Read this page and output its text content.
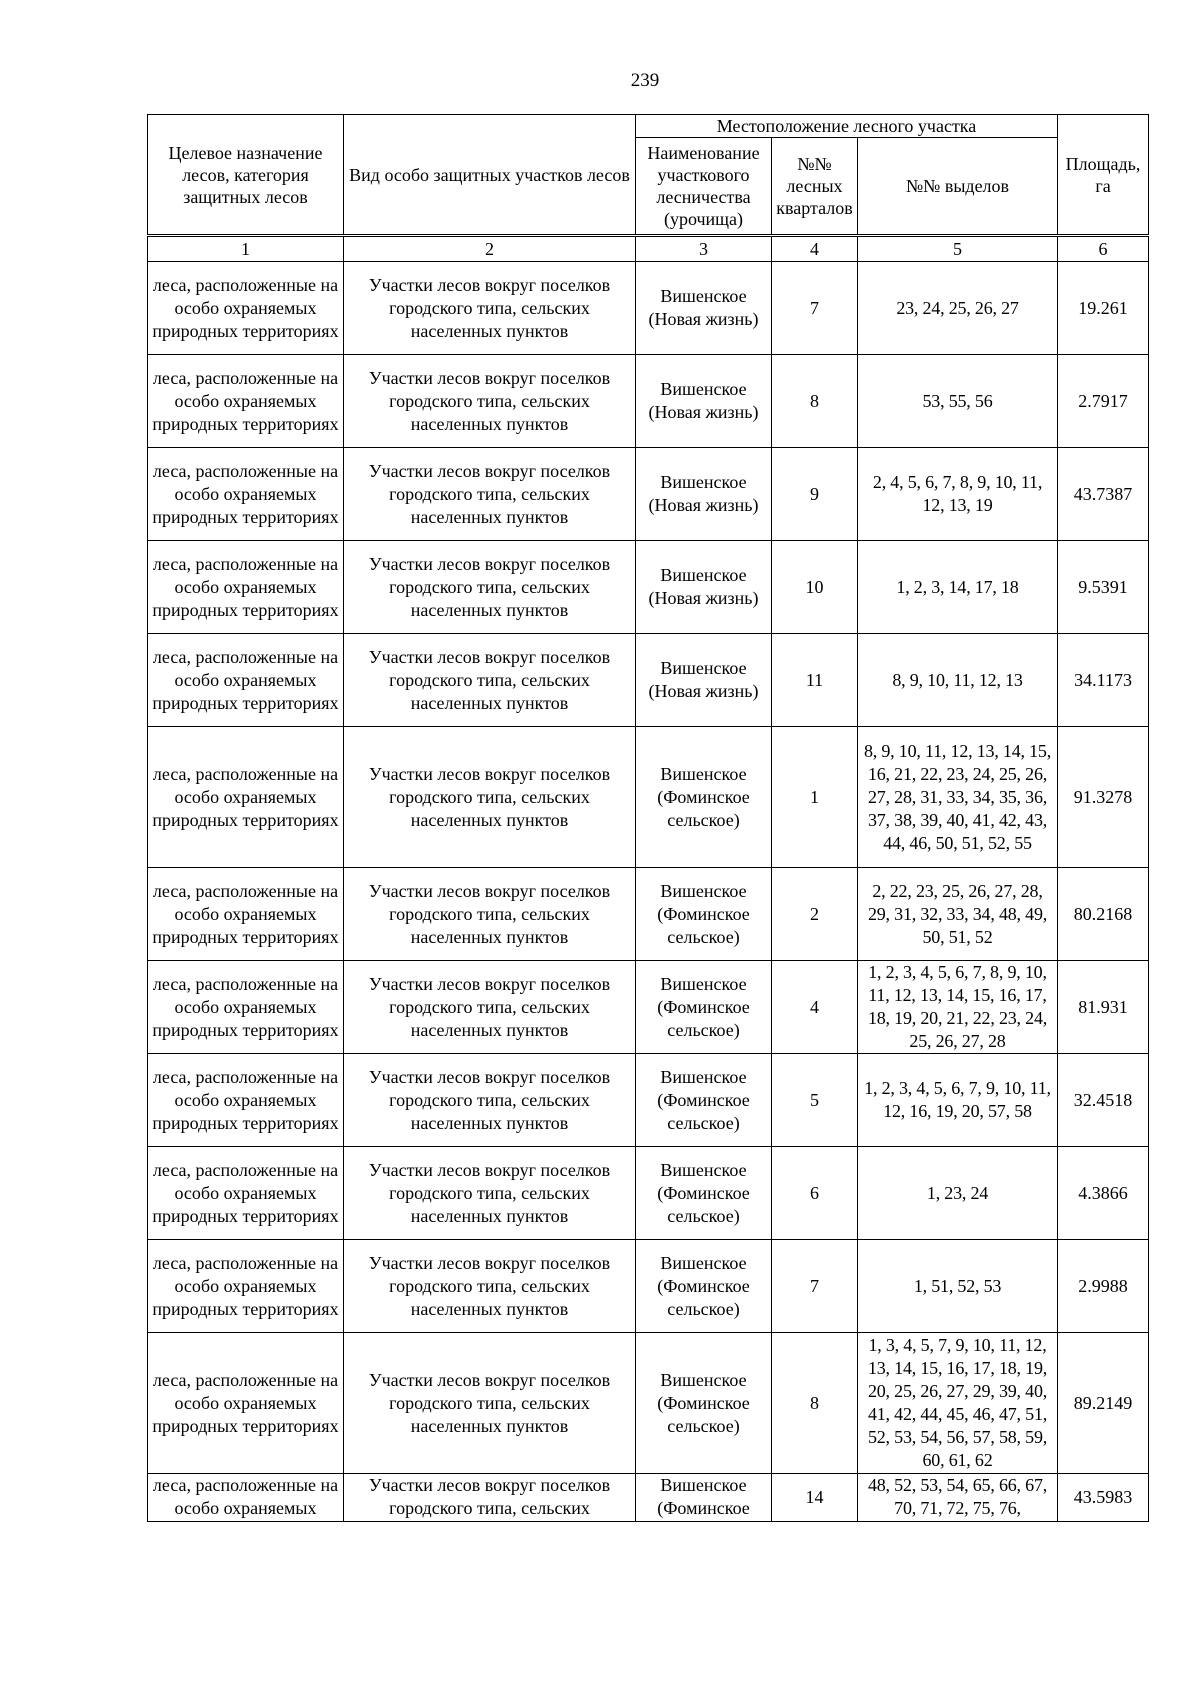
239
Целевое назначение лесов, категория защитных лесов	Вид особо защитных участков лесов	Местоположение лесного участка			Площадь, га
		Наименование участкового лесничества (урочища)	№№ лесных кварталов	№№ выделов	
1	2	3	4	5	6
леса, расположенные на особо охраняемых природных территориях	Участки лесов вокруг поселков городского типа, сельских населенных пунктов	Вишенское (Новая жизнь)	7	23, 24, 25, 26, 27	19.261
леса, расположенные на особо охраняемых природных территориях	Участки лесов вокруг поселков городского типа, сельских населенных пунктов	Вишенское (Новая жизнь)	8	53, 55, 56	2.7917
леса, расположенные на особо охраняемых природных территориях	Участки лесов вокруг поселков городского типа, сельских населенных пунктов	Вишенское (Новая жизнь)	9	2, 4, 5, 6, 7, 8, 9, 10, 11, 12, 13, 19	43.7387
леса, расположенные на особо охраняемых природных территориях	Участки лесов вокруг поселков городского типа, сельских населенных пунктов	Вишенское (Новая жизнь)	10	1, 2, 3, 14, 17, 18	9.5391
леса, расположенные на особо охраняемых природных территориях	Участки лесов вокруг поселков городского типа, сельских населенных пунктов	Вишенское (Новая жизнь)	11	8, 9, 10, 11, 12, 13	34.1173
леса, расположенные на особо охраняемых природных территориях	Участки лесов вокруг поселков городского типа, сельских населенных пунктов	Вишенское (Фоминское сельское)	1	8, 9, 10, 11, 12, 13, 14, 15, 16, 21, 22, 23, 24, 25, 26, 27, 28, 31, 33, 34, 35, 36, 37, 38, 39, 40, 41, 42, 43, 44, 46, 50, 51, 52, 55	91.3278
леса, расположенные на особо охраняемых природных территориях	Участки лесов вокруг поселков городского типа, сельских населенных пунктов	Вишенское (Фоминское сельское)	2	2, 22, 23, 25, 26, 27, 28, 29, 31, 32, 33, 34, 48, 49, 50, 51, 52	80.2168
леса, расположенные на особо охраняемых природных территориях	Участки лесов вокруг поселков городского типа, сельских населенных пунктов	Вишенское (Фоминское сельское)	4	1, 2, 3, 4, 5, 6, 7, 8, 9, 10, 11, 12, 13, 14, 15, 16, 17, 18, 19, 20, 21, 22, 23, 24, 25, 26, 27, 28	81.931
леса, расположенные на особо охраняемых природных территориях	Участки лесов вокруг поселков городского типа, сельских населенных пунктов	Вишенское (Фоминское сельское)	5	1, 2, 3, 4, 5, 6, 7, 9, 10, 11, 12, 16, 19, 20, 57, 58	32.4518
леса, расположенные на особо охраняемых природных территориях	Участки лесов вокруг поселков городского типа, сельских населенных пунктов	Вишенское (Фоминское сельское)	6	1, 23, 24	4.3866
леса, расположенные на особо охраняемых природных территориях	Участки лесов вокруг поселков городского типа, сельских населенных пунктов	Вишенское (Фоминское сельское)	7	1, 51, 52, 53	2.9988
леса, расположенные на особо охраняемых природных территориях	Участки лесов вокруг поселков городского типа, сельских населенных пунктов	Вишенское (Фоминское сельское)	8	1, 3, 4, 5, 7, 9, 10, 11, 12, 13, 14, 15, 16, 17, 18, 19, 20, 25, 26, 27, 29, 39, 40, 41, 42, 44, 45, 46, 47, 51, 52, 53, 54, 56, 57, 58, 59, 60, 61, 62	89.2149
леса, расположенные на особо охраняемых	Участки лесов вокруг поселков городского типа, сельских	Вишенское (Фоминское	14	48, 52, 53, 54, 65, 66, 67, 70, 71, 72, 75, 76,	43.5983
